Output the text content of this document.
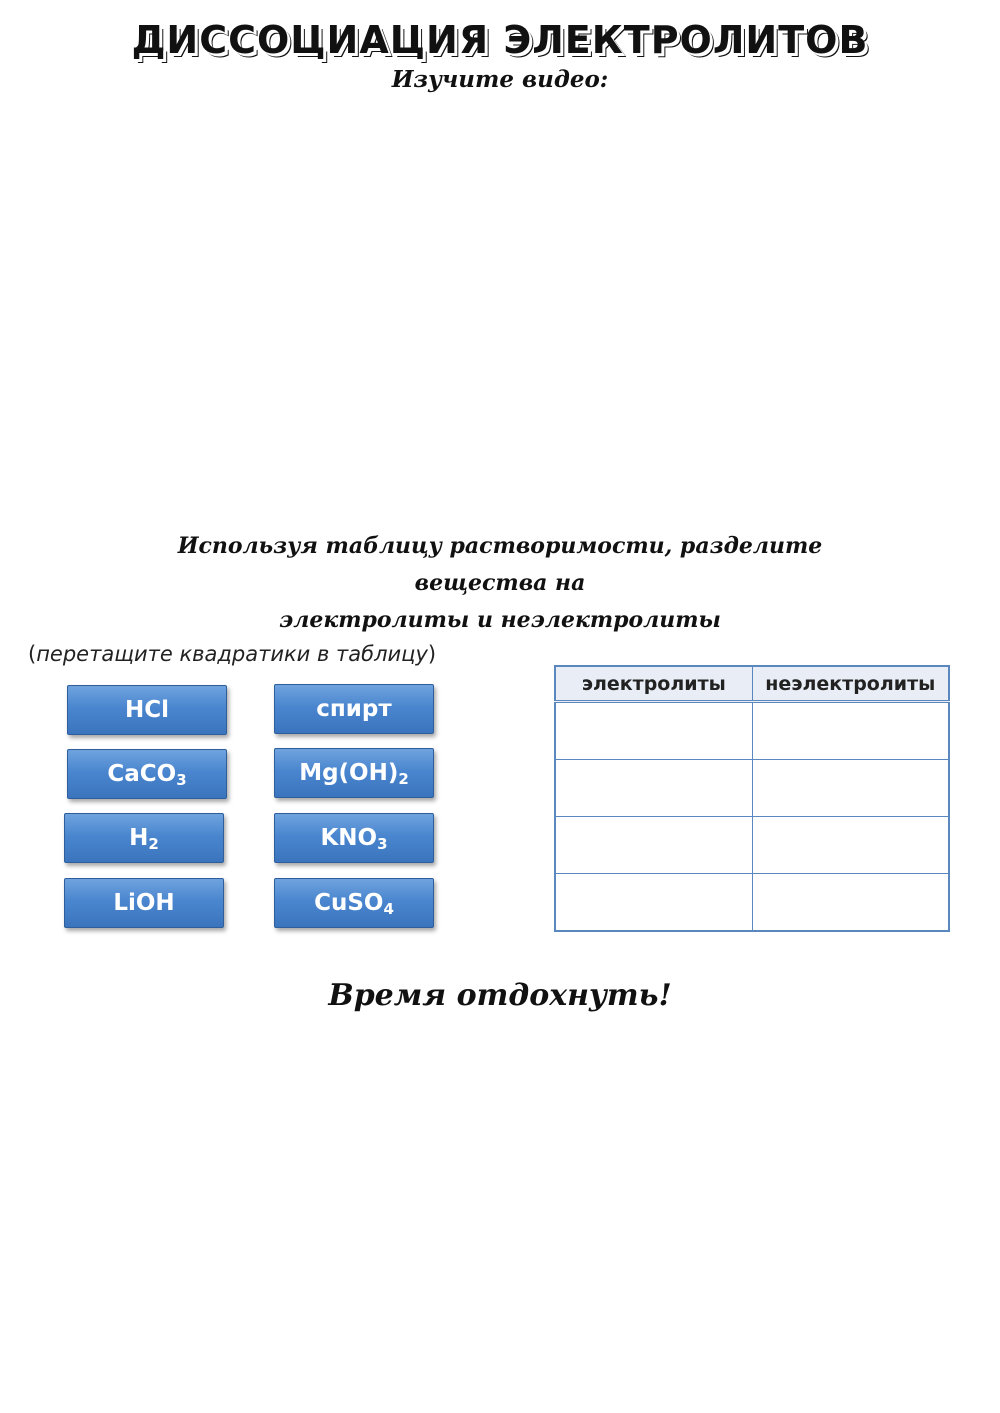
ДИССОЦИАЦИЯ ЭЛЕКТРОЛИТОВ
Изучите видео:
Используя таблицу растворимости, разделите вещества на
электролиты и неэлектролиты
(перетащите квадратики в таблицу)
HCl	спирт
CaCO$_3$	$Mg(OH)_2$
$H_2$	$KNO_3$
LiOH	CuSO$_4$
электролиты	неэлектролиты

Время отдохнуть!
